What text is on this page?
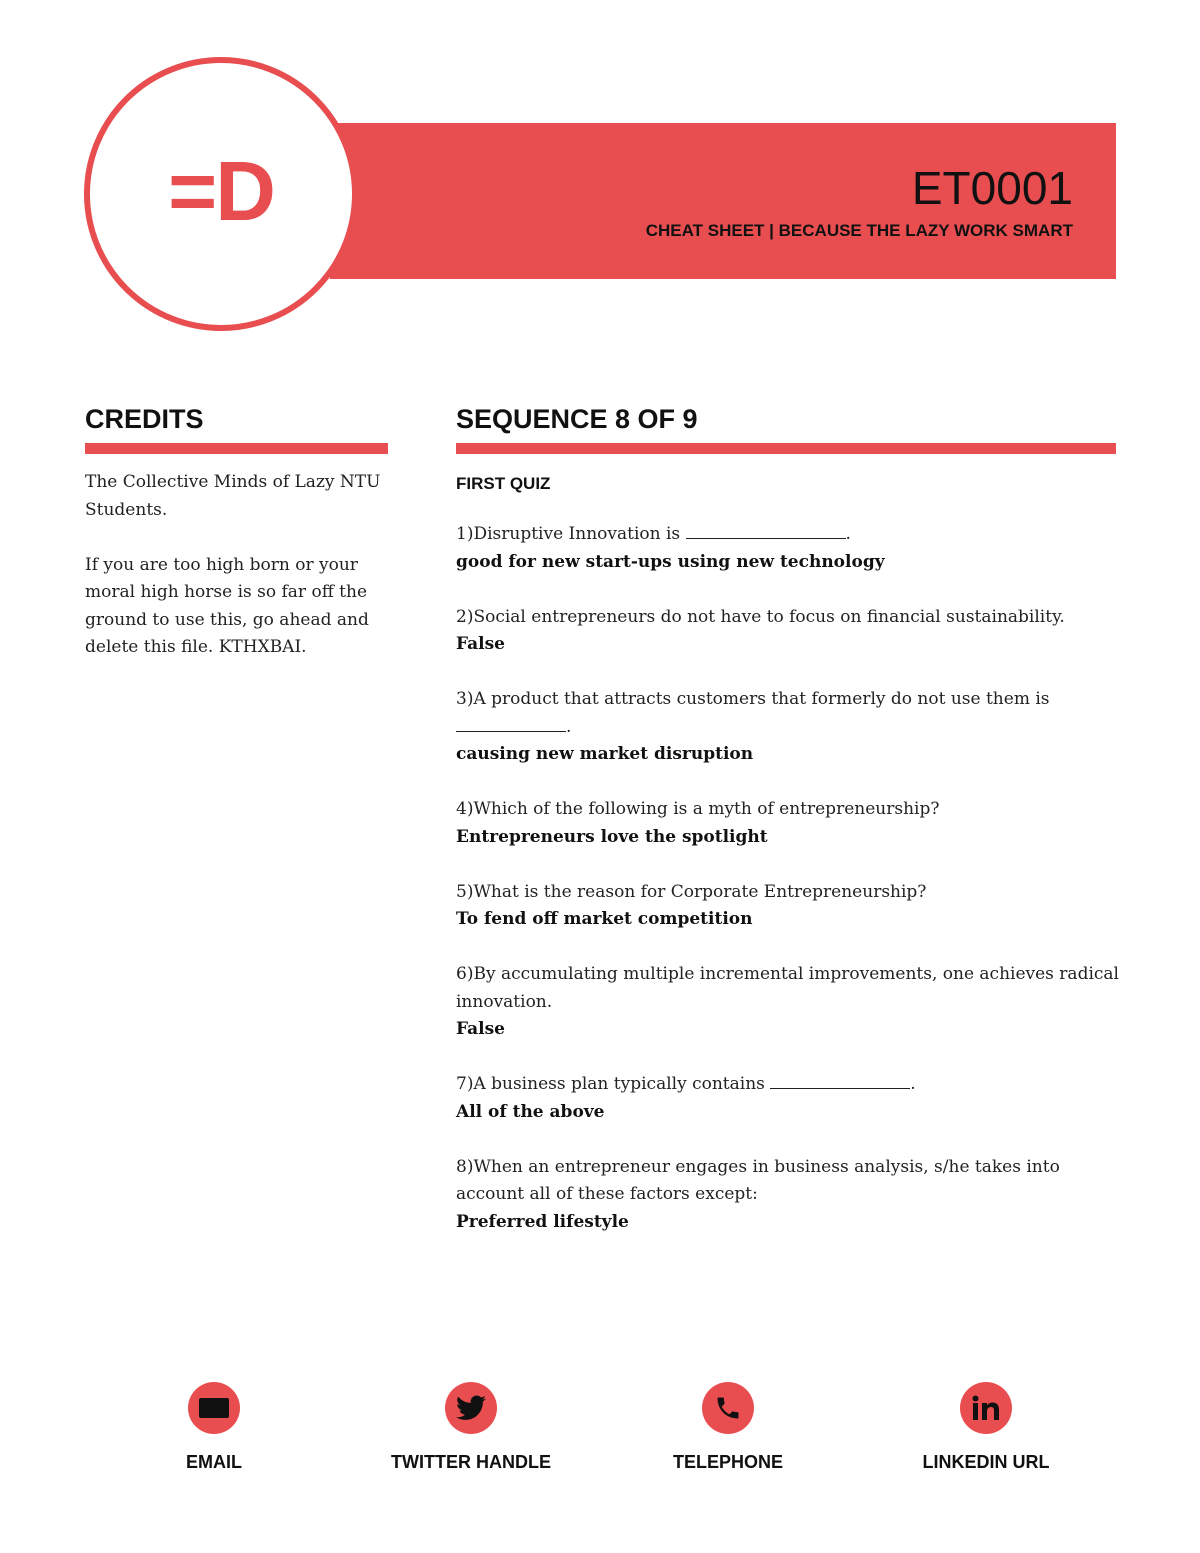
ET0001
CHEAT SHEET | BECAUSE THE LAZY WORK SMART
=D
CREDITS

The Collective Minds of Lazy NTU Students.

If you are too high born or your moral high horse is so far off the ground to use this, go ahead and delete this file. KTHXBAI.

SEQUENCE 8 OF 9
FIRST QUIZ
1)Disruptive Innovation is	.
good for new start-ups using new technology
2)Social entrepreneurs do not have to focus on financial sustainability.
False
3)A product that attracts customers that formerly do not use them is .
causing new market disruption
4)Which of the following is a myth of entrepreneurship?
Entrepreneurs love the spotlight
5)What is the reason for Corporate Entrepreneurship?
To fend off market competition
6)By accumulating multiple incremental improvements, one achieves radical innovation.
False
7)A business plan typically contains	.
All of the above
8)When an entrepreneur engages in business analysis, s/he takes into account all of these factors except:
Preferred lifestyle
EMAIL	TWITTER HANDLE	TELEPHONE	LINKEDIN URL
